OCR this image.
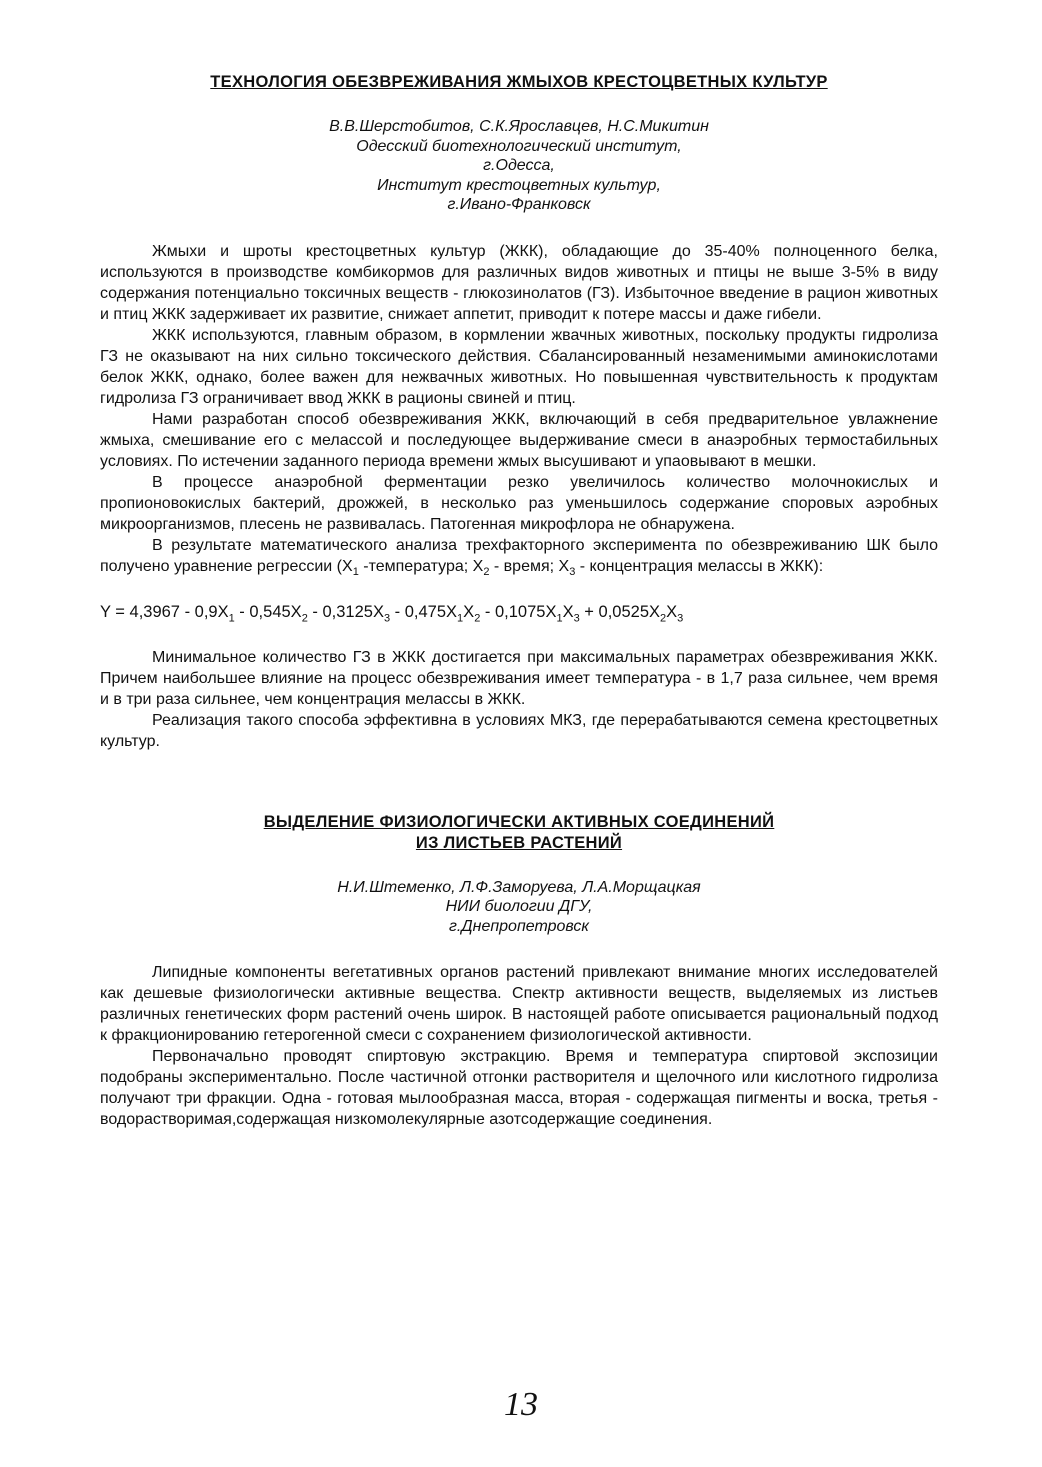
ТЕХНОЛОГИЯ ОБЕЗВРЕЖИВАНИЯ ЖМЫХОВ КРЕСТОЦВЕТНЫХ КУЛЬТУР
В.В.Шерстобитов, С.К.Ярославцев, Н.С.Микитин
Одесский биотехнологический институт,
г.Одесса,
Институт крестоцветных культур,
г.Ивано-Франковск

Жмыхи и шроты крестоцветных культур (ЖКК), обладающие до 35-40% полноценного белка, используются в производстве комбикормов для различных видов животных и птицы не выше 3-5% в виду содержания потенциально токсичных веществ - глюкозинолатов (ГЗ). Избыточное введение в рацион животных и птиц ЖКК задерживает их развитие, снижает аппетит, приводит к потере массы и даже гибели.

ЖКК используются, главным образом, в кормлении жвачных животных, поскольку продукты гидролиза ГЗ не оказывают на них сильно токсического действия. Сбалансированный незаменимыми аминокислотами белок ЖКК, однако, более важен для нежвачных животных. Но повышенная чувствительность к продуктам гидролиза ГЗ ограничивает ввод ЖКК в рационы свиней и птиц.

Нами разработан способ обезвреживания ЖКК, включающий в себя предварительное увлажнение жмыха, смешивание его с мелассой и последующее выдерживание смеси в анаэробных термостабильных условиях. По истечении заданного периода времени жмых высушивают и упаовывают в мешки.

В процессе анаэробной ферментации резко увеличилось количество молочнокислых и пропионовокислых бактерий, дрожжей, в несколько раз уменьшилось содержание споровых аэробных микроорганизмов, плесень не развивалась. Патогенная микрофлора не обнаружена.

В результате математического анализа трехфакторного эксперимента по обезвреживанию ШК было получено уравнение регрессии ($X_1$ -температура; $X_2$ - время; $X_3$ - концентрация мелассы в ЖКК):

$Y = 4,3967 - 0,9X_1 - 0,545X_2 - 0,3125X_3 - 0,475X_1X_2 - 0,1075X_1X_3 + 0,0525X_2X_3$

Минимальное количество ГЗ в ЖКК достигается при максимальных параметрах обезвреживания ЖКК. Причем наибольшее влияние на процесс обезвреживания имеет температура - в 1,7 раза сильнее, чем время и в три раза сильнее, чем концентрация мелассы в ЖКК.

Реализация такого способа эффективна в условиях МКЗ, где перерабатываются семена крестоцветных культур.

ВЫДЕЛЕНИЕ ФИЗИОЛОГИЧЕСКИ АКТИВНЫХ СОЕДИНЕНИЙ
ИЗ ЛИСТЬЕВ РАСТЕНИЙ
Н.И.Штеменко, Л.Ф.Заморуева, Л.А.Морщацкая
НИИ биологии ДГУ,
г.Днепропетровск

Липидные компоненты вегетативных органов растений привлекают внимание многих исследователей как дешевые физиологически активные вещества. Спектр активности веществ, выделяемых из листьев различных генетических форм растений очень широк. В настоящей работе описывается рациональный подход к фракционированию гетерогенной смеси с сохранением физиологической активности.

Первоначально проводят спиртовую экстракцию. Время и температура спиртовой экспозиции подобраны экспериментально. После частичной отгонки растворителя и щелочного или кислотного гидролиза получают три фракции. Одна - готовая мылообразная масса, вторая - содержащая пигменты и воска, третья - водорастворимая,содержащая низкомолекулярные азотсодержащие соединения.

13
